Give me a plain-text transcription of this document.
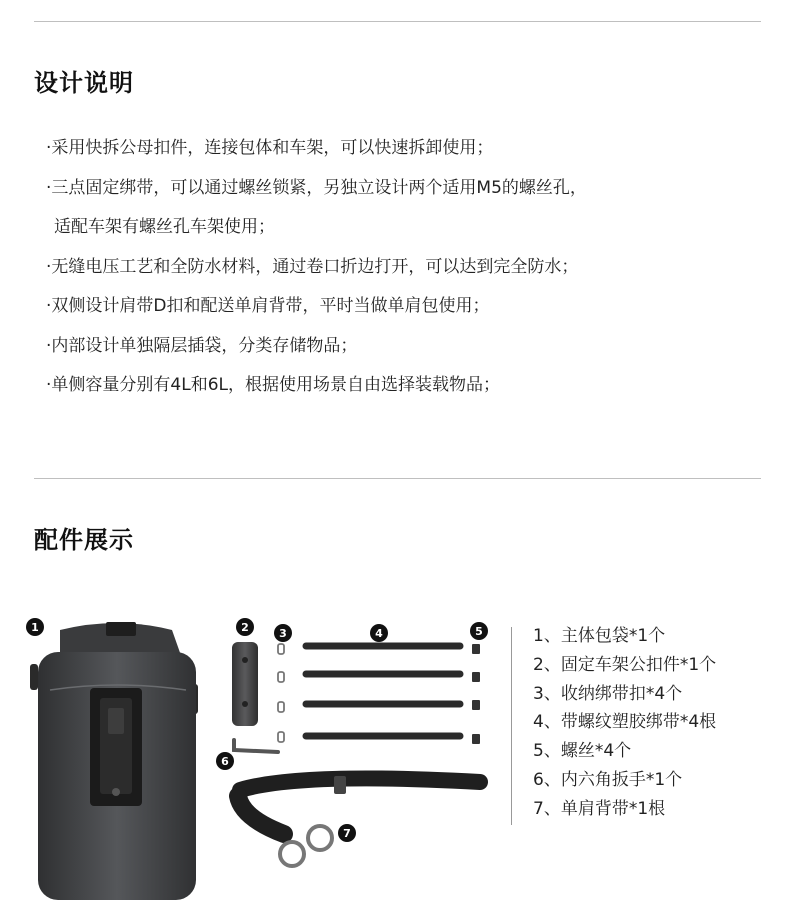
设计说明
·采用快拆公母扣件，连接包体和车架，可以快速拆卸使用；
·三点固定绑带，可以通过螺丝锁紧，另独立设计两个适用M5的螺丝孔，
适配车架有螺丝孔车架使用；
·无缝电压工艺和全防水材料，通过卷口折边打开，可以达到完全防水；
·双侧设计肩带D扣和配送单肩背带，平时当做单肩包使用；
·内部设计单独隔层插袋，分类存储物品；
·单侧容量分别有4L和6L，根据使用场景自由选择装载物品；
配件展示
1	2	3	4	5
6
7
1、主体包袋*1个
2、固定车架公扣件*1个
3、收纳绑带扣*4个
4、带螺纹塑胶绑带*4根
5、螺丝*4个
6、内六角扳手*1个
7、单肩背带*1根
